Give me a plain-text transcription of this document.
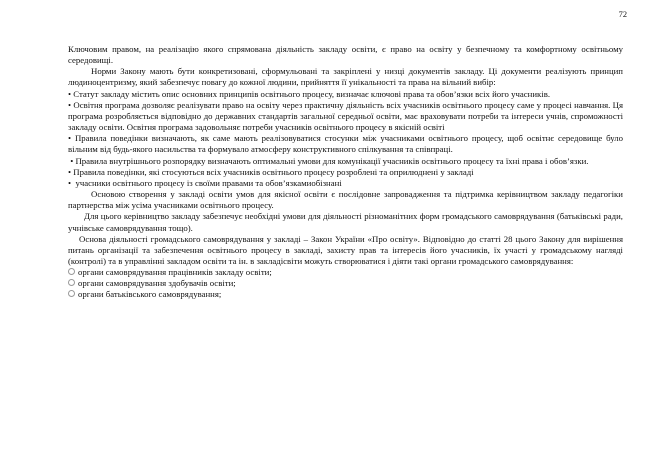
72

Ключовим правом, на реалізацію якого спрямована діяльність закладу освіти, є право на освіту у безпечному та комфортному освітньому середовищі.

Норми Закону мають бути конкретизовані, сформульовані та закріплені у низці документів закладу. Ці документи реалізують принцип людиноцентризму, який забезпечує повагу до кожної людини, прийняття її унікальності та права на вільний вибір:

• Статут закладу містить опис основних принципів освітнього процесу, визначає ключові права та обов’язки всіх його учасників.

• Освітня програма дозволяє реалізувати право на освіту через практичну діяльність всіх учасників освітнього процесу саме у процесі навчання. Ця програма розробляється відповідно до державних стандартів загальної середньої освіти, має враховувати потреби та інтереси учнів, спроможності закладу освіти. Освітня програма задовольняє потреби учасників освітнього процесу в якісній освіті

• Правила поведінки визначають, як саме мають реалізовуватися стосунки між учасниками освітнього процесу, щоб освітнє середовище було вільним від будь-якого насильства та формувало атмосферу конструктивного спілкування та співпраці.

• Правила внутрішнього розпорядку визначають оптимальні умови для комунікації учасників освітнього процесу та їхні права і обов’язки.

• Правила поведінки, які стосуються всіх учасників освітнього процесу розроблені та оприлюднені у закладі

•  учасники освітнього процесу із своїми правами та обов’язкамиобізнані

Основою створення у закладі освіти умов для якісної освіти є послідовне запровадження та підтримка керівництвом закладу педагогіки партнерства між усіма учасниками освітнього процесу.

Для цього керівництво закладу забезпечує необхідні умови для діяльності різноманітних форм громадського самоврядування (батьківські ради, учнівське самоврядування тощо).

Основа діяльності громадського самоврядування у закладі – Закон України «Про освіту». Відповідно до статті 28 цього Закону для вирішення питань організації та забезпечення освітнього процесу в закладі, захисту прав та інтересів його учасників, їх участі у громадському нагляді (контролі) та в управлінні закладом освіти та ін. в закладісвіти можуть створюватися і діяти такі органи громадського самоврядування:

органи самоврядування працівників закладу освіти;

органи самоврядування здобувачів освіти;

органи батьківського самоврядування;
